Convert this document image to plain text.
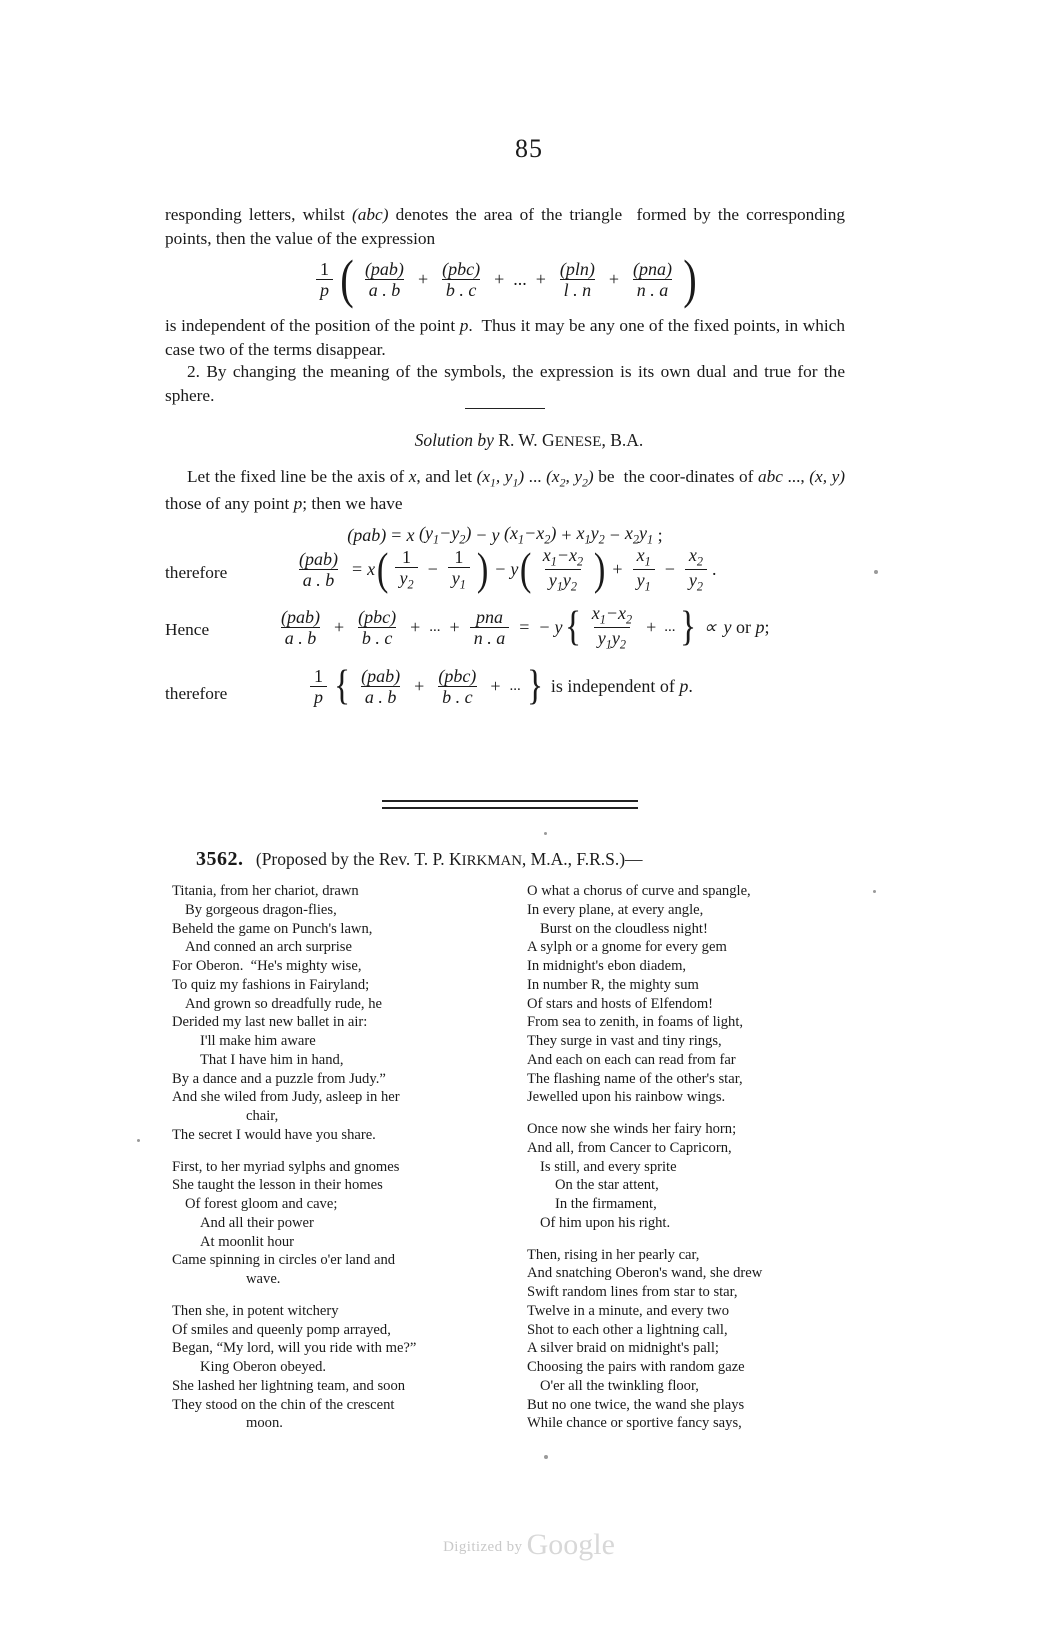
85
responding letters, whilst (abc) denotes the area of the triangle  formed by the corresponding points, then the value of the expression
$\frac{1}{p}$ ( $\frac{\text{(pab)}}{a . b} + \frac{\text{(pbc)}}{b . c}$ + ... + $\frac{(pln)}{l . n} + \frac{\text{(pna)}}{n . a}$ )
is independent of the position of the point p.  Thus it may be any one of the fixed points, in which case two of the terms disappear.
2. By changing the meaning of the symbols, the expression is its own dual and true for the sphere.
Solution by R. W. GENESE, B.A.
Let the fixed line be the axis of x, and let ($x_1$, $y_1$) ... ($x_2$, $y_2$) be  the coor-dinates of abc ..., (x, y) those of any point p; then we have
(pab) = x
$(y_1-y_2) - y$
$(x_1-x_2) + x_1y_2 - x_2y_1$ ;
therefore	$\frac{\text{(pab)}}{a . b} = x$ ( $\frac{1}{y_2} - \frac{1}{y_1}$ ) − y ( $\frac{x_1-x_2}{y_1y_2}$ ) + $\frac{x_1}{y_1} - \frac{x_2}{y_2}$ .
Hence	$\frac{\text{(pab)}}{a . b} + \frac{\text{(pbc)}}{b . c}$ + ... + $\frac{\text{pna}}{n . a}$ = − y { $\frac{x_1-x_2}{y_1y_2}$ + ... } ∝ y or p;
therefore	$\frac{1}{p}$ { $\frac{\text{(pab)}}{a . b} + \frac{\text{(pbc)}}{b . c}$ + ... } is independent of p.
3562. (Proposed by the Rev. T. P. KIRKMAN, M.A., F.R.S.)—
Titania, from her chariot, drawn
By gorgeous dragon-flies,
Beheld the game on Punch's lawn,
And conned an arch surprise
For Oberon.  “He's mighty wise,
To quiz my fashions in Fairyland;
And grown so dreadfully rude, he
Derided my last new ballet in air:
I'll make him aware
That I have him in hand,
By a dance and a puzzle from Judy.”
And she wiled from Judy, asleep in her
chair,
The secret I would have you share.
First, to her myriad sylphs and gnomes
She taught the lesson in their homes
Of forest gloom and cave;
And all their power
At moonlit hour
Came spinning in circles o'er land and
wave.
Then she, in potent witchery
Of smiles and queenly pomp arrayed,
Began, “My lord, will you ride with me?”
King Oberon obeyed.
She lashed her lightning team, and soon
They stood on the chin of the crescent
moon.
O what a chorus of curve and spangle,
In every plane, at every angle,
Burst on the cloudless night!
A sylph or a gnome for every gem
In midnight's ebon diadem,
In number R, the mighty sum
Of stars and hosts of Elfendom!
From sea to zenith, in foams of light,
They surge in vast and tiny rings,
And each on each can read from far
The flashing name of the other's star,
Jewelled upon his rainbow wings.
Once now she winds her fairy horn;
And all, from Cancer to Capricorn,
Is still, and every sprite
On the star attent,
In the firmament,
Of him upon his right.
Then, rising in her pearly car,
And snatching Oberon's wand, she drew
Swift random lines from star to star,
Twelve in a minute, and every two
Shot to each other a lightning call,
A silver braid on midnight's pall;
Choosing the pairs with random gaze
O'er all the twinkling floor,
But no one twice, the wand she plays
While chance or sportive fancy says,
Digitized by Google
